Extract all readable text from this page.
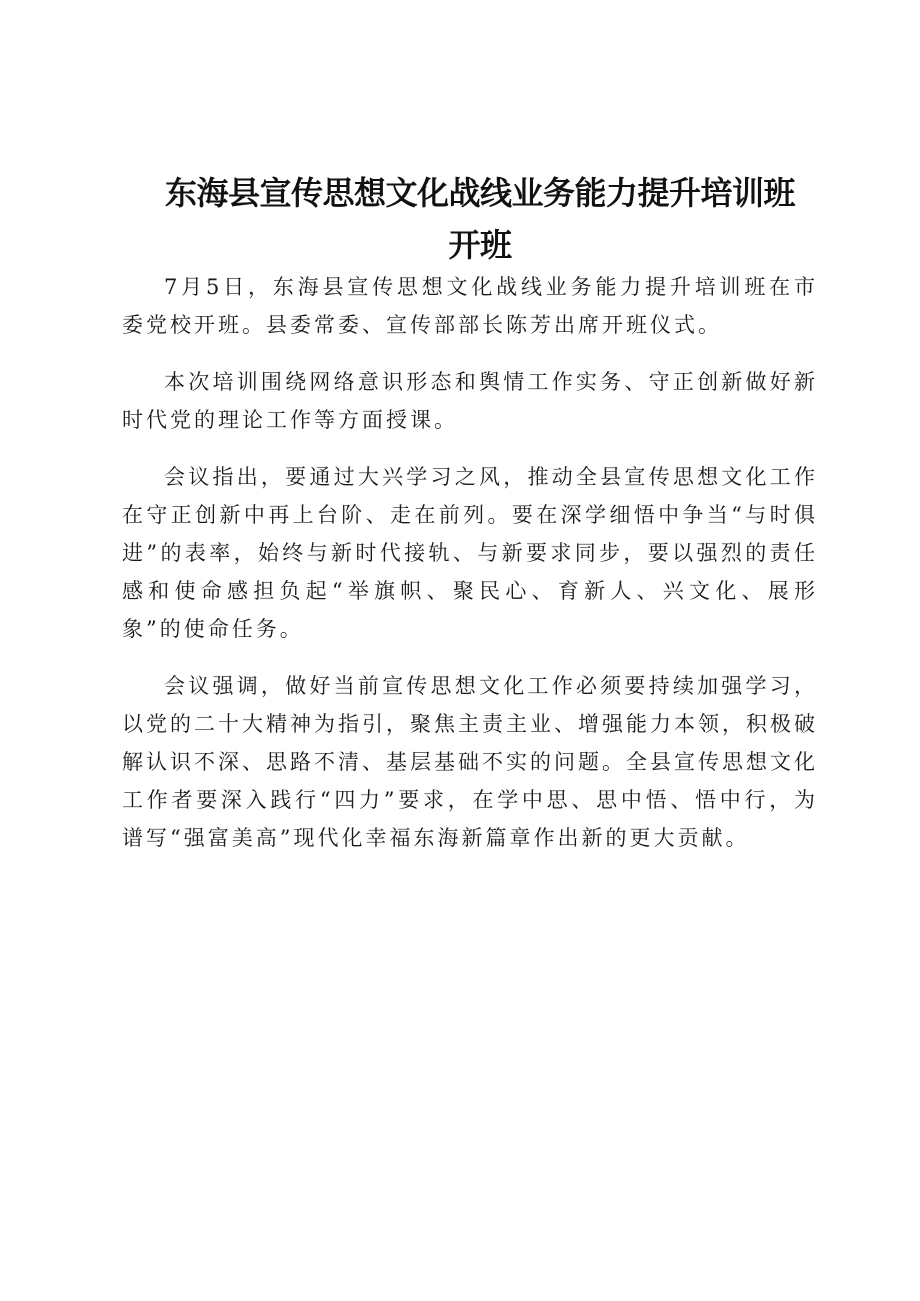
东海县宣传思想文化战线业务能力提升培训班
开班

7月5日，东海县宣传思想文化战线业务能力提升培训班在市委党校开班。县委常委、宣传部部长陈芳出席开班仪式。

本次培训围绕网络意识形态和舆情工作实务、守正创新做好新时代党的理论工作等方面授课。

会议指出，要通过大兴学习之风，推动全县宣传思想文化工作在守正创新中再上台阶、走在前列。要在深学细悟中争当“与时俱进”的表率，始终与新时代接轨、与新要求同步，要以强烈的责任感和使命感担负起“举旗帜、聚民心、育新人、兴文化、展形象”的使命任务。

会议强调，做好当前宣传思想文化工作必须要持续加强学习，以党的二十大精神为指引，聚焦主责主业、增强能力本领，积极破解认识不深、思路不清、基层基础不实的问题。全县宣传思想文化工作者要深入践行“四力”要求，在学中思、思中悟、悟中行，为谱写“强富美高”现代化幸福东海新篇章作出新的更大贡献。
